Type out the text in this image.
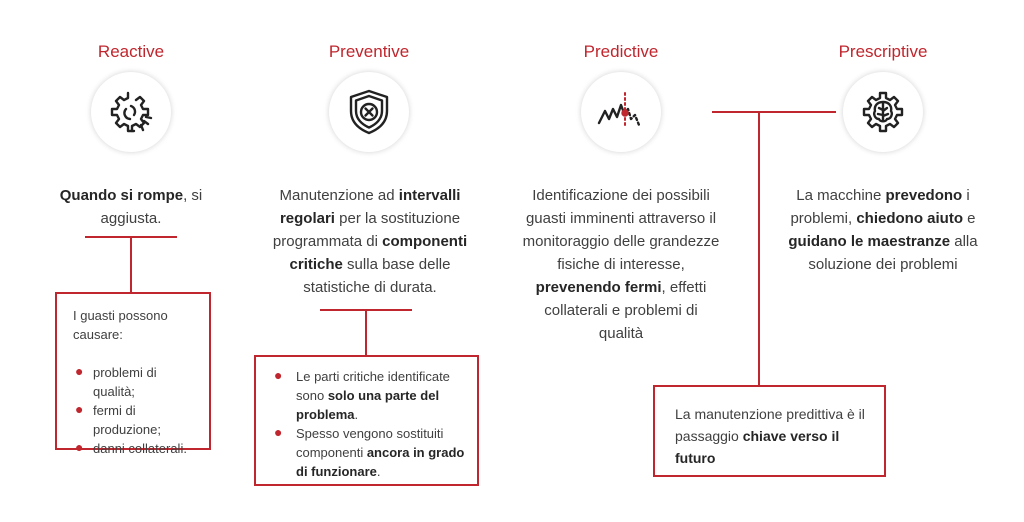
Reactive	Preventive	Predictive	Prescriptive
Quando si rompe, si aggiusta.
Manutenzione ad intervalli regolari per la sostituzione programmata di componenti critiche sulla base delle statistiche di durata.
Identificazione dei possibili guasti imminenti attraverso il monitoraggio delle grandezze fisiche di interesse, prevenendo fermi, effetti collaterali e problemi di qualità
La macchine prevedono i problemi, chiedono aiuto e guidano le maestranze alla soluzione dei problemi
I guasti possono causare:
● problemi di qualità;
● fermi di produzione;
● danni collaterali.
● Le parti critiche identificate sono solo una parte del problema.
● Spesso vengono sostituiti componenti ancora in grado di funzionare.
La manutenzione predittiva è il passaggio chiave verso il futuro
